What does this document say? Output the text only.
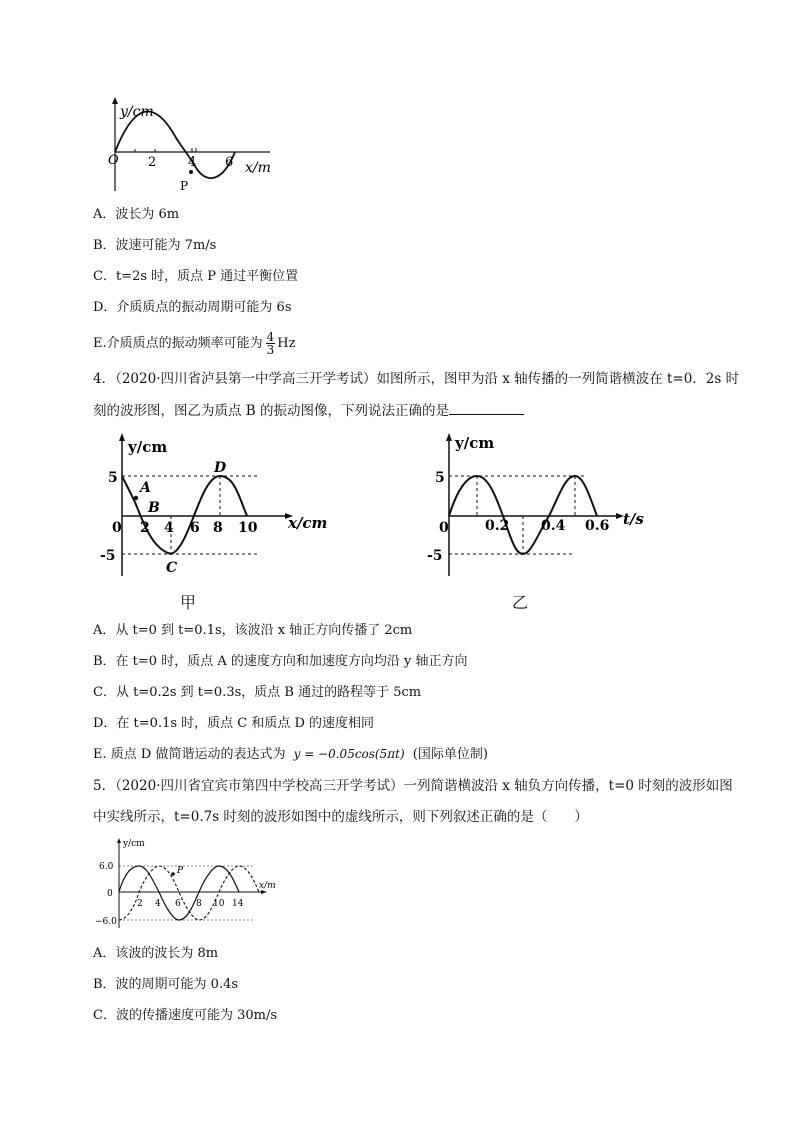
y/cm
O 2 4 6 x/m
P
A．波长为 6m
B．波速可能为 7m/s
C．t=2s 时，质点 P 通过平衡位置
D．介质质点的振动周期可能为 6s
E.介质质点的振动频率可能为 $\frac{4}{3}$ Hz
4．（2020·四川省泸县第一中学高三开学考试）如图所示，图甲为沿 x 轴传播的一列简谐横波在 t=0．2s 时
刻的波形图，图乙为质点 B 的振动图像，下列说法正确的是
y/cm
5
0
-5
2 4 6 8 10 x/cm
A
B
C
D
甲
y/cm
5
0
-5
0.2 0.4 0.6 t/s
乙
A．从 t=0 到 t=0.1s，该波沿 x 轴正方向传播了 2cm
B．在 t=0 时，质点 A 的速度方向和加速度方向均沿 y 轴正方向
C．从 t=0.2s 到 t=0.3s，质点 B 通过的路程等于 5cm
D．在 t=0.1s 时，质点 C 和质点 D 的速度相同
E. 质点 D 做简谐运动的表达式为 y = −0.05cos(5πt) (国际单位制)
5．（2020·四川省宜宾市第四中学校高三开学考试）一列简谐横波沿 x 轴负方向传播，t=0 时刻的波形如图
中实线所示，t=0.7s 时刻的波形如图中的虚线所示，则下列叙述正确的是（　　）
y/cm
6.0
0
−6.0
2 4 6 8 10 14
x/m
P
A．该波的波长为 8m
B．波的周期可能为 0.4s
C．波的传播速度可能为 30m/s
